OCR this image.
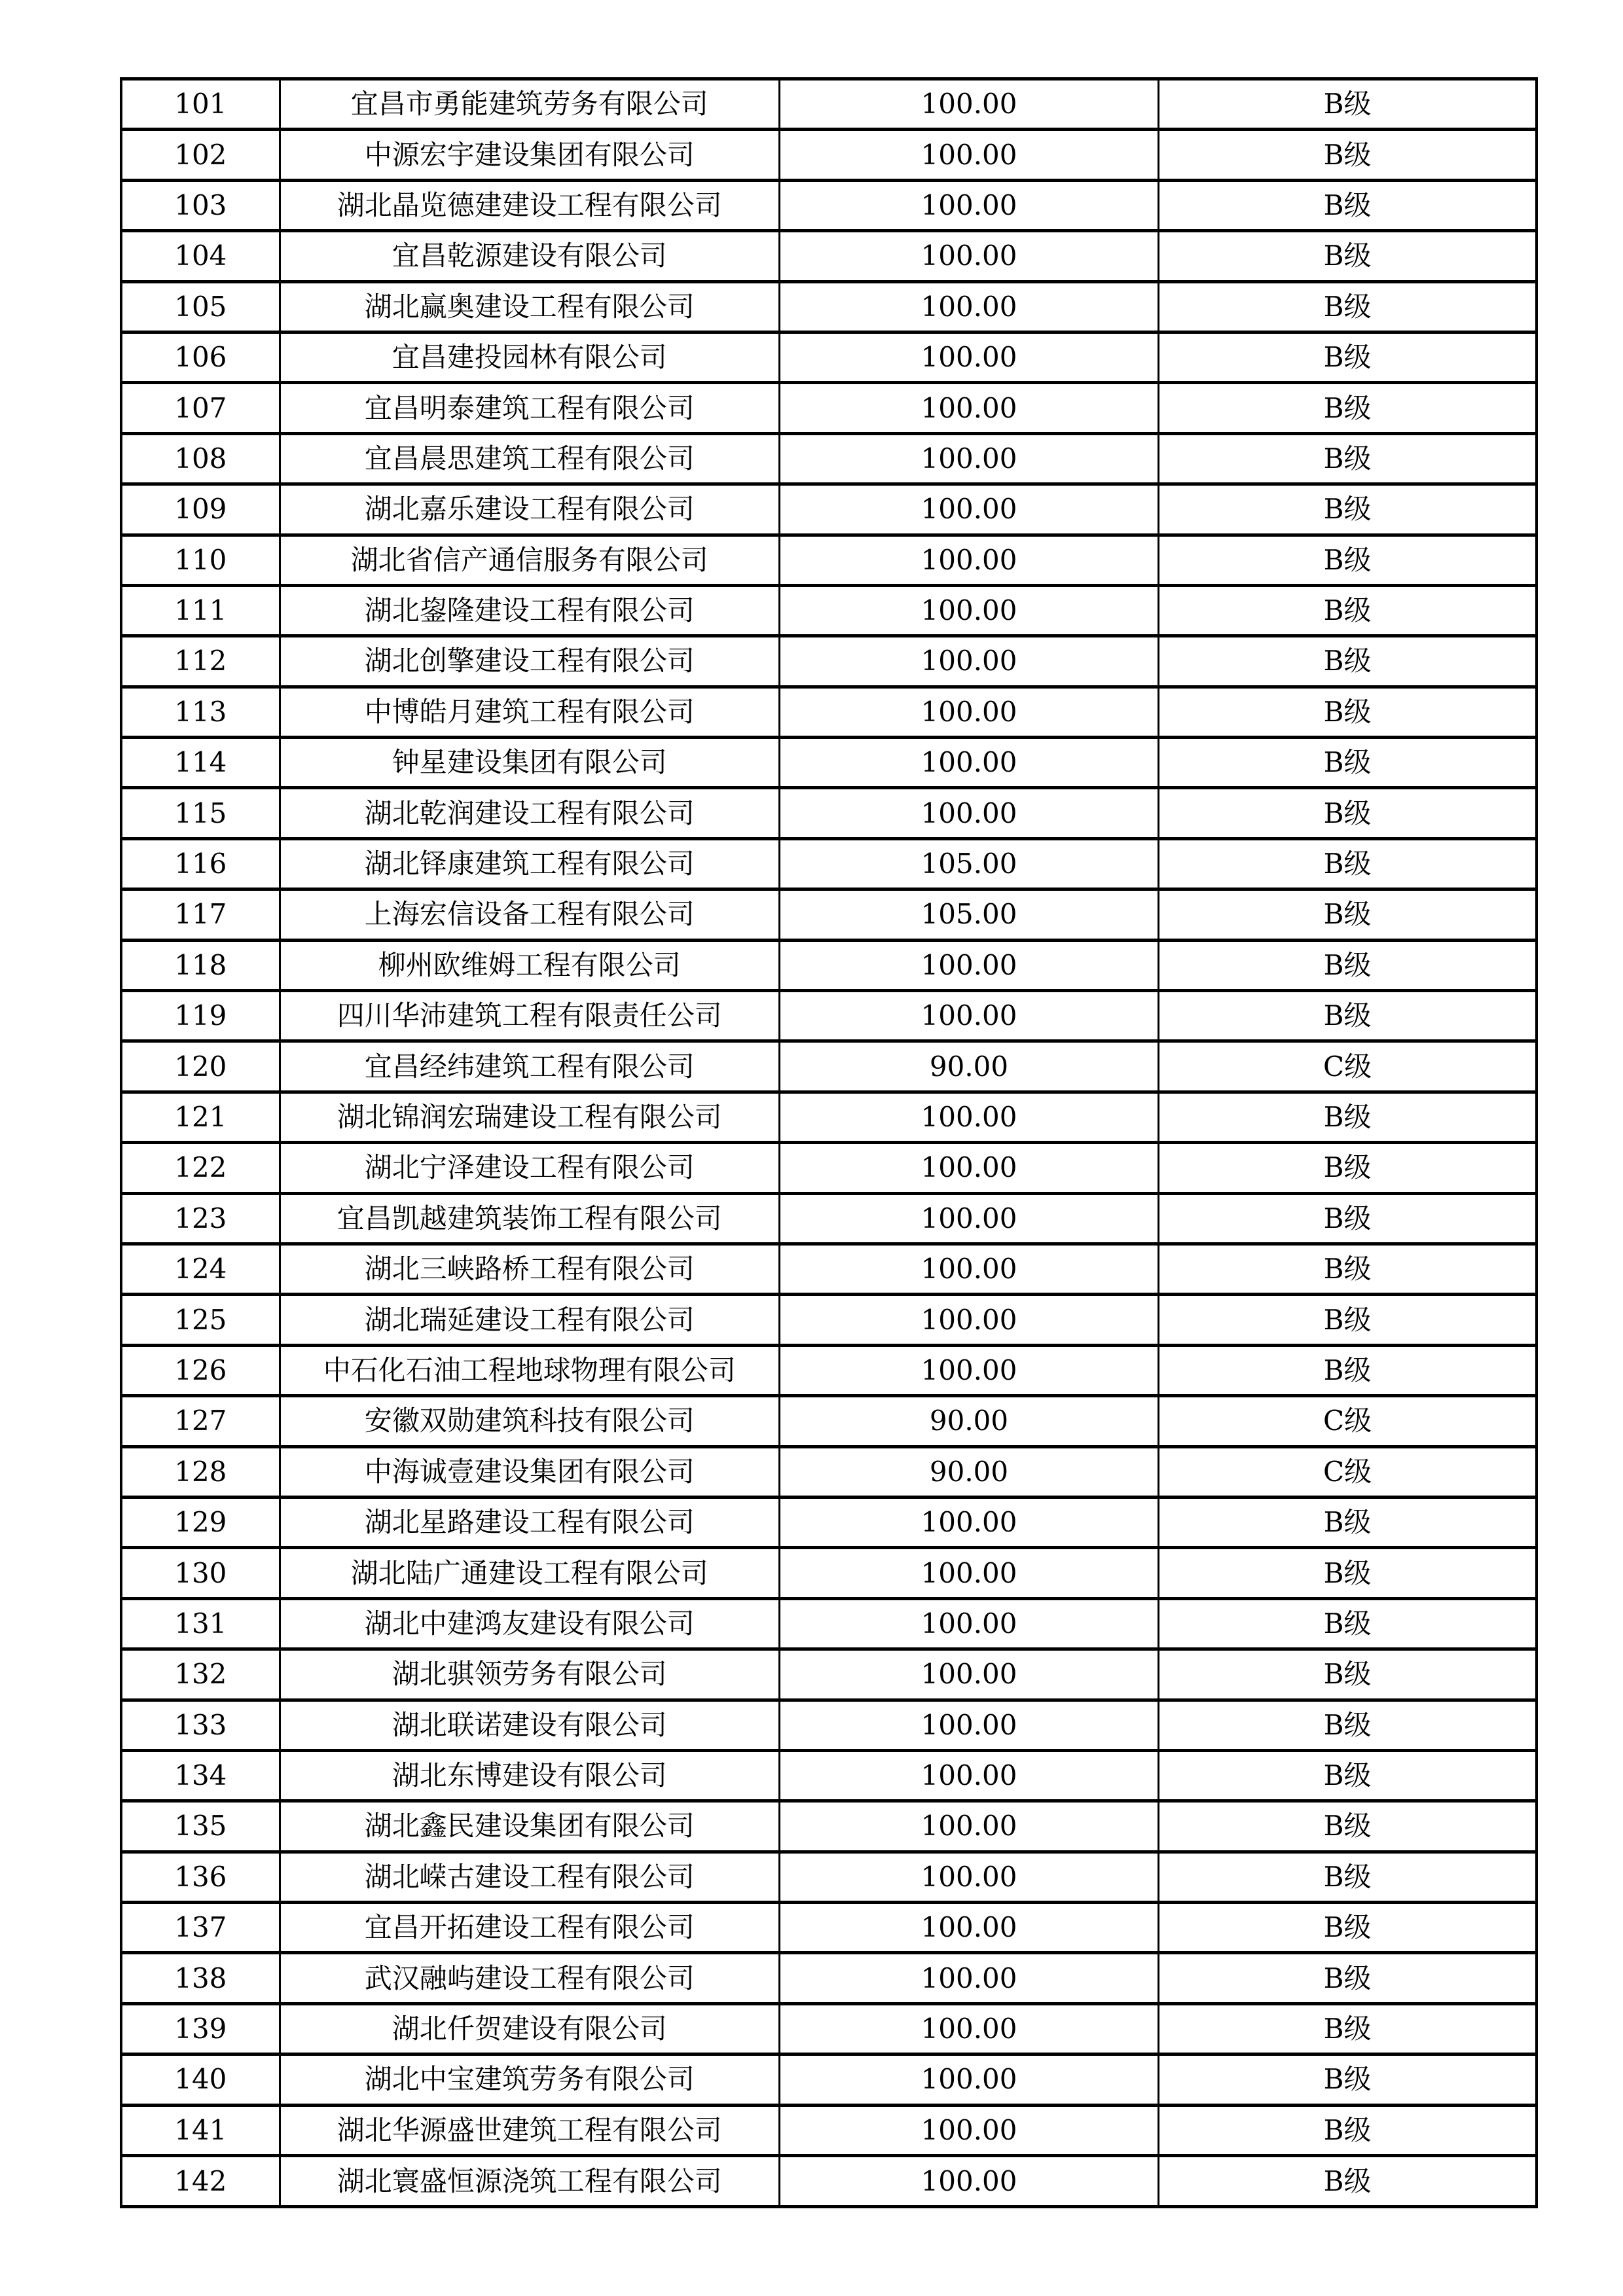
101	宜昌市勇能建筑劳务有限公司	100.00	B级
102	中源宏宇建设集团有限公司	100.00	B级
103	湖北晶览德建建设工程有限公司	100.00	B级
104	宜昌乾源建设有限公司	100.00	B级
105	湖北赢奥建设工程有限公司	100.00	B级
106	宜昌建投园林有限公司	100.00	B级
107	宜昌明泰建筑工程有限公司	100.00	B级
108	宜昌晨思建筑工程有限公司	100.00	B级
109	湖北嘉乐建设工程有限公司	100.00	B级
110	湖北省信产通信服务有限公司	100.00	B级
111	湖北鋆隆建设工程有限公司	100.00	B级
112	湖北创擎建设工程有限公司	100.00	B级
113	中博皓月建筑工程有限公司	100.00	B级
114	钟星建设集团有限公司	100.00	B级
115	湖北乾润建设工程有限公司	100.00	B级
116	湖北铎康建筑工程有限公司	105.00	B级
117	上海宏信设备工程有限公司	105.00	B级
118	柳州欧维姆工程有限公司	100.00	B级
119	四川华沛建筑工程有限责任公司	100.00	B级
120	宜昌经纬建筑工程有限公司	90.00	C级
121	湖北锦润宏瑞建设工程有限公司	100.00	B级
122	湖北宁泽建设工程有限公司	100.00	B级
123	宜昌凯越建筑装饰工程有限公司	100.00	B级
124	湖北三峡路桥工程有限公司	100.00	B级
125	湖北瑞延建设工程有限公司	100.00	B级
126	中石化石油工程地球物理有限公司	100.00	B级
127	安徽双勋建筑科技有限公司	90.00	C级
128	中海诚壹建设集团有限公司	90.00	C级
129	湖北星路建设工程有限公司	100.00	B级
130	湖北陆广通建设工程有限公司	100.00	B级
131	湖北中建鸿友建设有限公司	100.00	B级
132	湖北骐领劳务有限公司	100.00	B级
133	湖北联诺建设有限公司	100.00	B级
134	湖北东博建设有限公司	100.00	B级
135	湖北鑫民建设集团有限公司	100.00	B级
136	湖北嵘古建设工程有限公司	100.00	B级
137	宜昌开拓建设工程有限公司	100.00	B级
138	武汉融屿建设工程有限公司	100.00	B级
139	湖北仟贺建设有限公司	100.00	B级
140	湖北中宝建筑劳务有限公司	100.00	B级
141	湖北华源盛世建筑工程有限公司	100.00	B级
142	湖北寰盛恒源浇筑工程有限公司	100.00	B级
